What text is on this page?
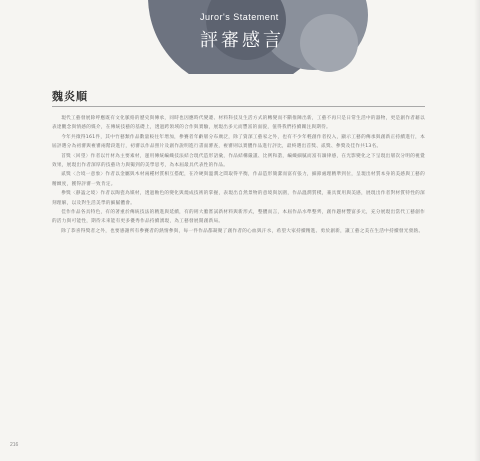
Juror's Statement
評審感言
魏炎順

現代工藝發展除呼應既有文化脈絡的歷史與傳承，同時也因應時代變遷、材料科技及生活方式的轉變而不斷推陳出新，工藝不再只是日常生活中的器物，更是創作者藉以表達觀念與情感的媒介，在傳統技藝的基礎上，透過跨領域的合作與實驗，展現出多元而豐富的面貌，值得我們持續關注與期待。

今年共徵得161件，其中竹藝類作品數量較往年增加，參賽者年齡層分布廣泛，除了資深工藝家之外，也有不少年輕創作者投入，顯示工藝的傳承與創新正持續進行，本屆評選分為初審與複審兩階段進行，初審以作品照片及創作說明進行書面審查，複審則以實體作品進行評比，最終選出首獎、貳獎、參獎及佳作共13名。

首獎〈回望〉作者以竹材為主要素材，運用傳統編織技法結合現代造形語彙，作品結構嚴謹、比例和諧，編織細膩而富有韻律感，在光影變化之下呈現出層次分明的視覺效果，展現出作者深厚的技藝功力與獨到的美學思考，為本屆最具代表性的作品。

貳獎〈合境一意象〉作者以金屬與木材兩種材質相互搭配，在冷硬與溫潤之間取得平衡，作品造形簡潔而富有張力，細節處理精準到位，呈現出材質本身的美感與工藝的精緻度，獲得評審一致肯定。

參獎〈靜謐之境〉作者以陶瓷為媒材，透過釉色的變化與燒成技術的掌握，表現出自然景物的意境與氛圍，作品溫潤質樸，兼具實用與美感，展現出作者對材質特性的深刻理解，以及對生活美學的細膩體會。

佳作作品各具特色，有的著重於傳統技法的精進與延續，有的則大膽嘗試新材料與新形式，整體而言，本屆作品水準整齊，創作題材豐富多元，充分展現出當代工藝創作的活力與可能性，期待未來能有更多優秀作品持續湧現，為工藝發展開創新局。

除了恭喜得獎者之外，也要感謝所有參賽者的熱情參與，每一件作品都凝聚了創作者的心血與汗水，希望大家持續精進、勇於創新，讓工藝之美在生活中持續發光發熱。

216
